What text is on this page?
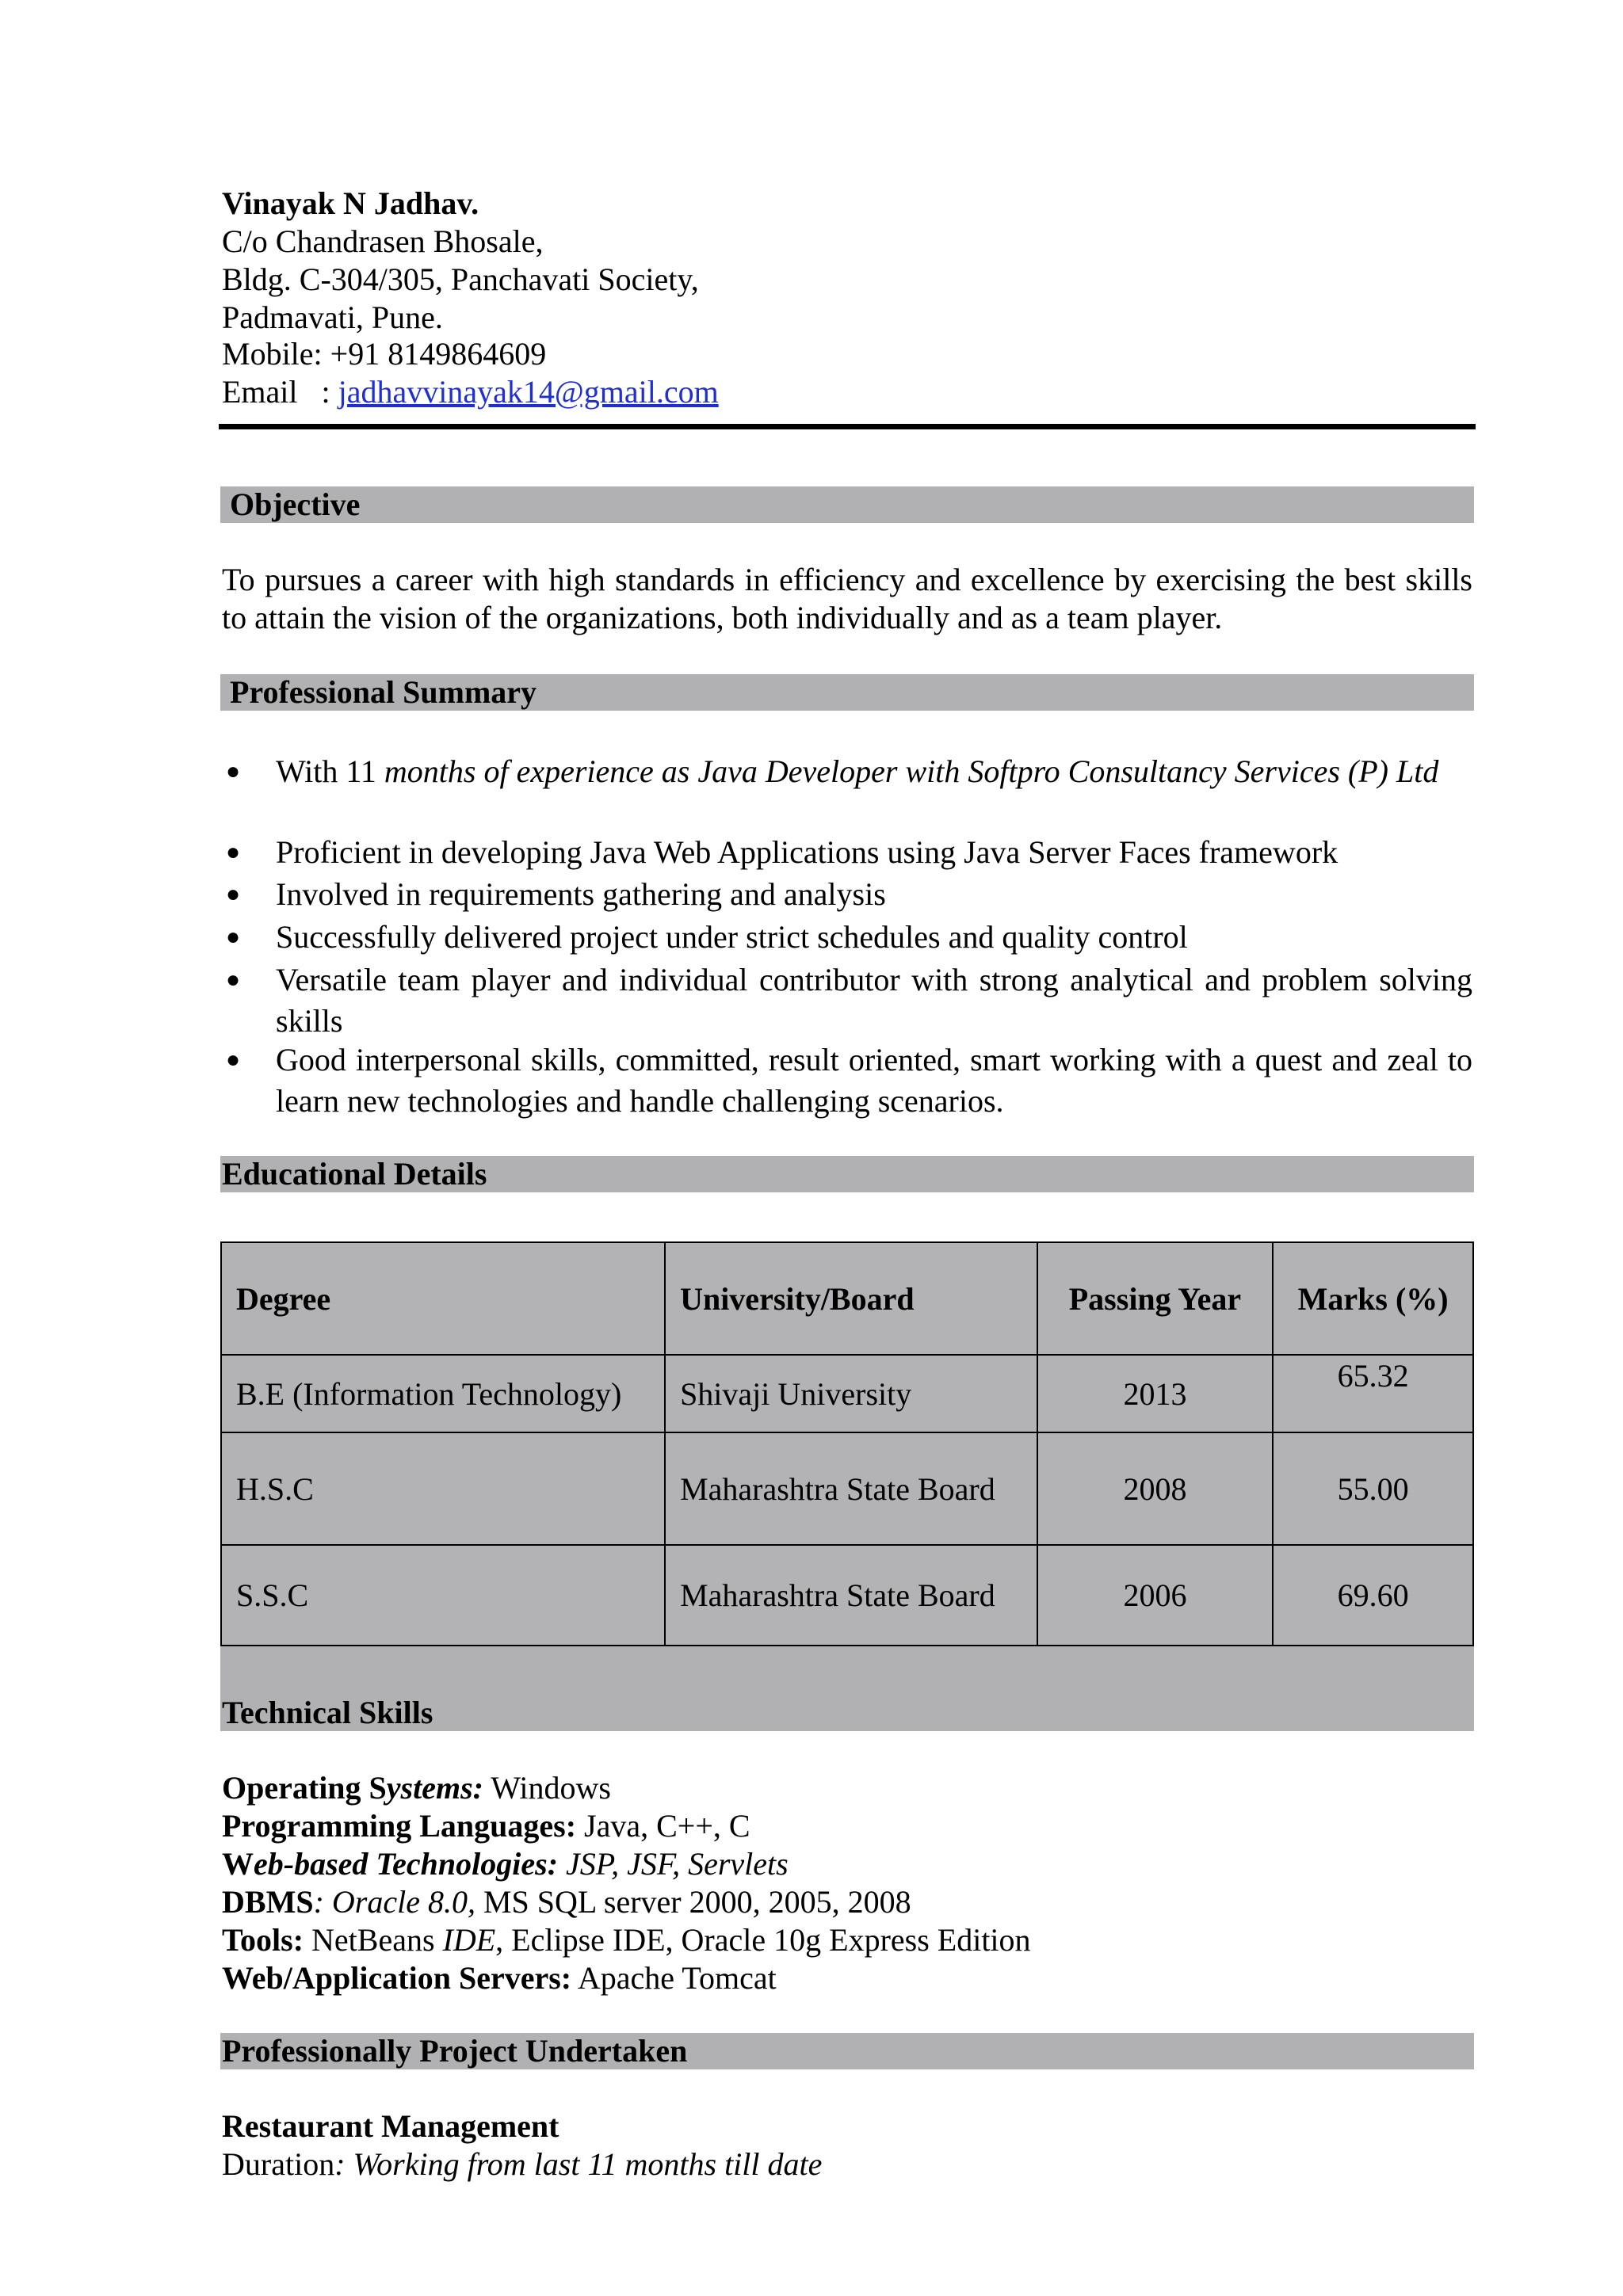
Vinayak N Jadhav.
C/o Chandrasen Bhosale,
Bldg. C-304/305, Panchavati Society,
Padmavati, Pune.
Mobile: +91 8149864609
Email   : jadhavvinayak14@gmail.com
Objective
To pursues a career with high standards in efficiency and excellence by exercising the best skills to attain the vision of the organizations, both individually and as a team player.
Professional Summary
● With 11 months of experience as Java Developer with Softpro Consultancy Services (P) Ltd
● Proficient in developing Java Web Applications using Java Server Faces framework
● Involved in requirements gathering and analysis
● Successfully delivered project under strict schedules and quality control
● Versatile team player and individual contributor with strong analytical and problem solving skills
● Good interpersonal skills, committed, result oriented, smart working with a quest and zeal to learn new technologies and handle challenging scenarios.
Educational Details
Degree	University/Board	Passing Year	Marks (%)
B.E (Information Technology)	Shivaji University	2013	65.32
H.S.C	Maharashtra State Board	2008	55.00
S.S.C	Maharashtra State Board	2006	69.60
Technical Skills
Operating Systems: Windows
Programming Languages: Java, C++, C
Web-based Technologies: JSP, JSF, Servlets
DBMS: Oracle 8.0, MS SQL server 2000, 2005, 2008
Tools: NetBeans IDE, Eclipse IDE, Oracle 10g Express Edition
Web/Application Servers: Apache Tomcat
Professionally Project Undertaken
Restaurant Management
Duration: Working from last 11 months till date
